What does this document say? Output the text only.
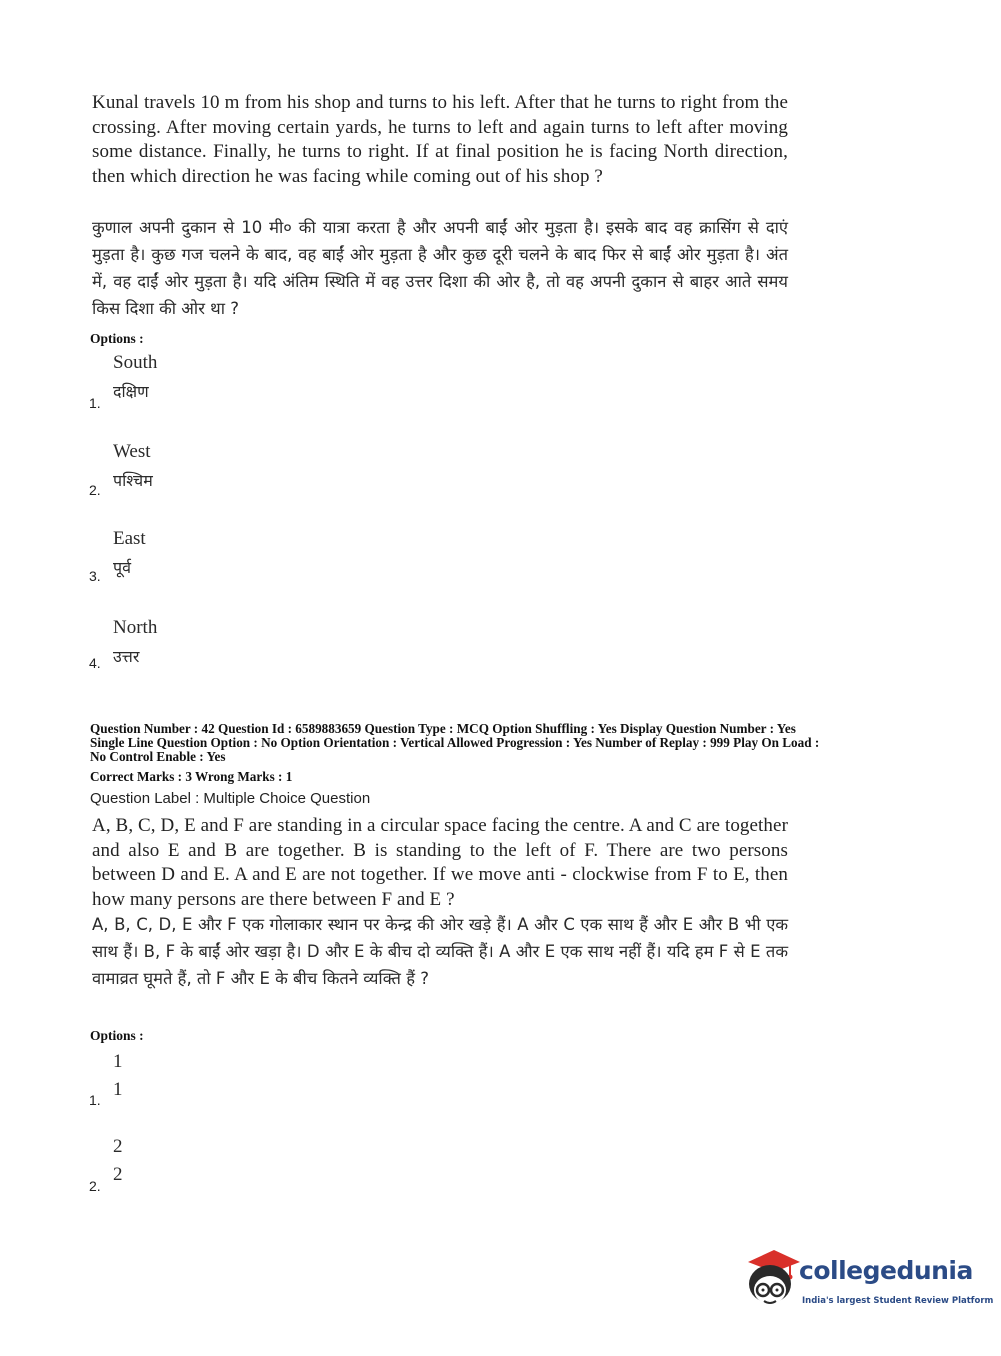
Kunal travels 10 m from his shop and turns to his left. After that he turns to right from the crossing. After moving certain yards, he turns to left and again turns to left after moving some distance. Finally, he turns to right. If at final position he is facing North direction, then which direction he was facing while coming out of his shop ?
कुणाल अपनी दुकान से 10 मी० की यात्रा करता है और अपनी बाईं ओर मुड़ता है। इसके बाद वह क्रासिंग से दाएं मुड़ता है। कुछ गज चलने के बाद, वह बाईं ओर मुड़ता है और कुछ दूरी चलने के बाद फिर से बाईं ओर मुड़ता है। अंत में, वह दाईं ओर मुड़ता है। यदि अंतिम स्थिति में वह उत्तर दिशा की ओर है, तो वह अपनी दुकान से बाहर आते समय किस दिशा की ओर था ?
Options :
South
दक्षिण
1.
West
पश्चिम
2.
East
पूर्व
3.
North
उत्तर
4.
Question Number : 42 Question Id : 6589883659 Question Type : MCQ Option Shuffling : Yes Display Question Number : Yes
Single Line Question Option : No Option Orientation : Vertical Allowed Progression : Yes Number of Replay : 999 Play On Load :
No Control Enable : Yes
Correct Marks : 3 Wrong Marks : 1
Question Label : Multiple Choice Question
A, B, C, D, E and F are standing in a circular space facing the centre. A and C are together and also E and B are together. B is standing to the left of F. There are two persons between D and E. A and E are not together. If we move anti - clockwise from F to E, then how many persons are there between F and E ?
A, B, C, D, E और F एक गोलाकार स्थान पर केन्द्र की ओर खड़े हैं। A और C एक साथ हैं और E और B भी एक साथ हैं। B, F के बाईं ओर खड़ा है। D और E के बीच दो व्यक्ति हैं। A और E एक साथ नहीं हैं। यदि हम F से E तक वामाव्रत घूमते हैं, तो F और E के बीच कितने व्यक्ति हैं ?
Options :
1
1
1.
2
2
2.
collegedunia
India's largest Student Review Platform
